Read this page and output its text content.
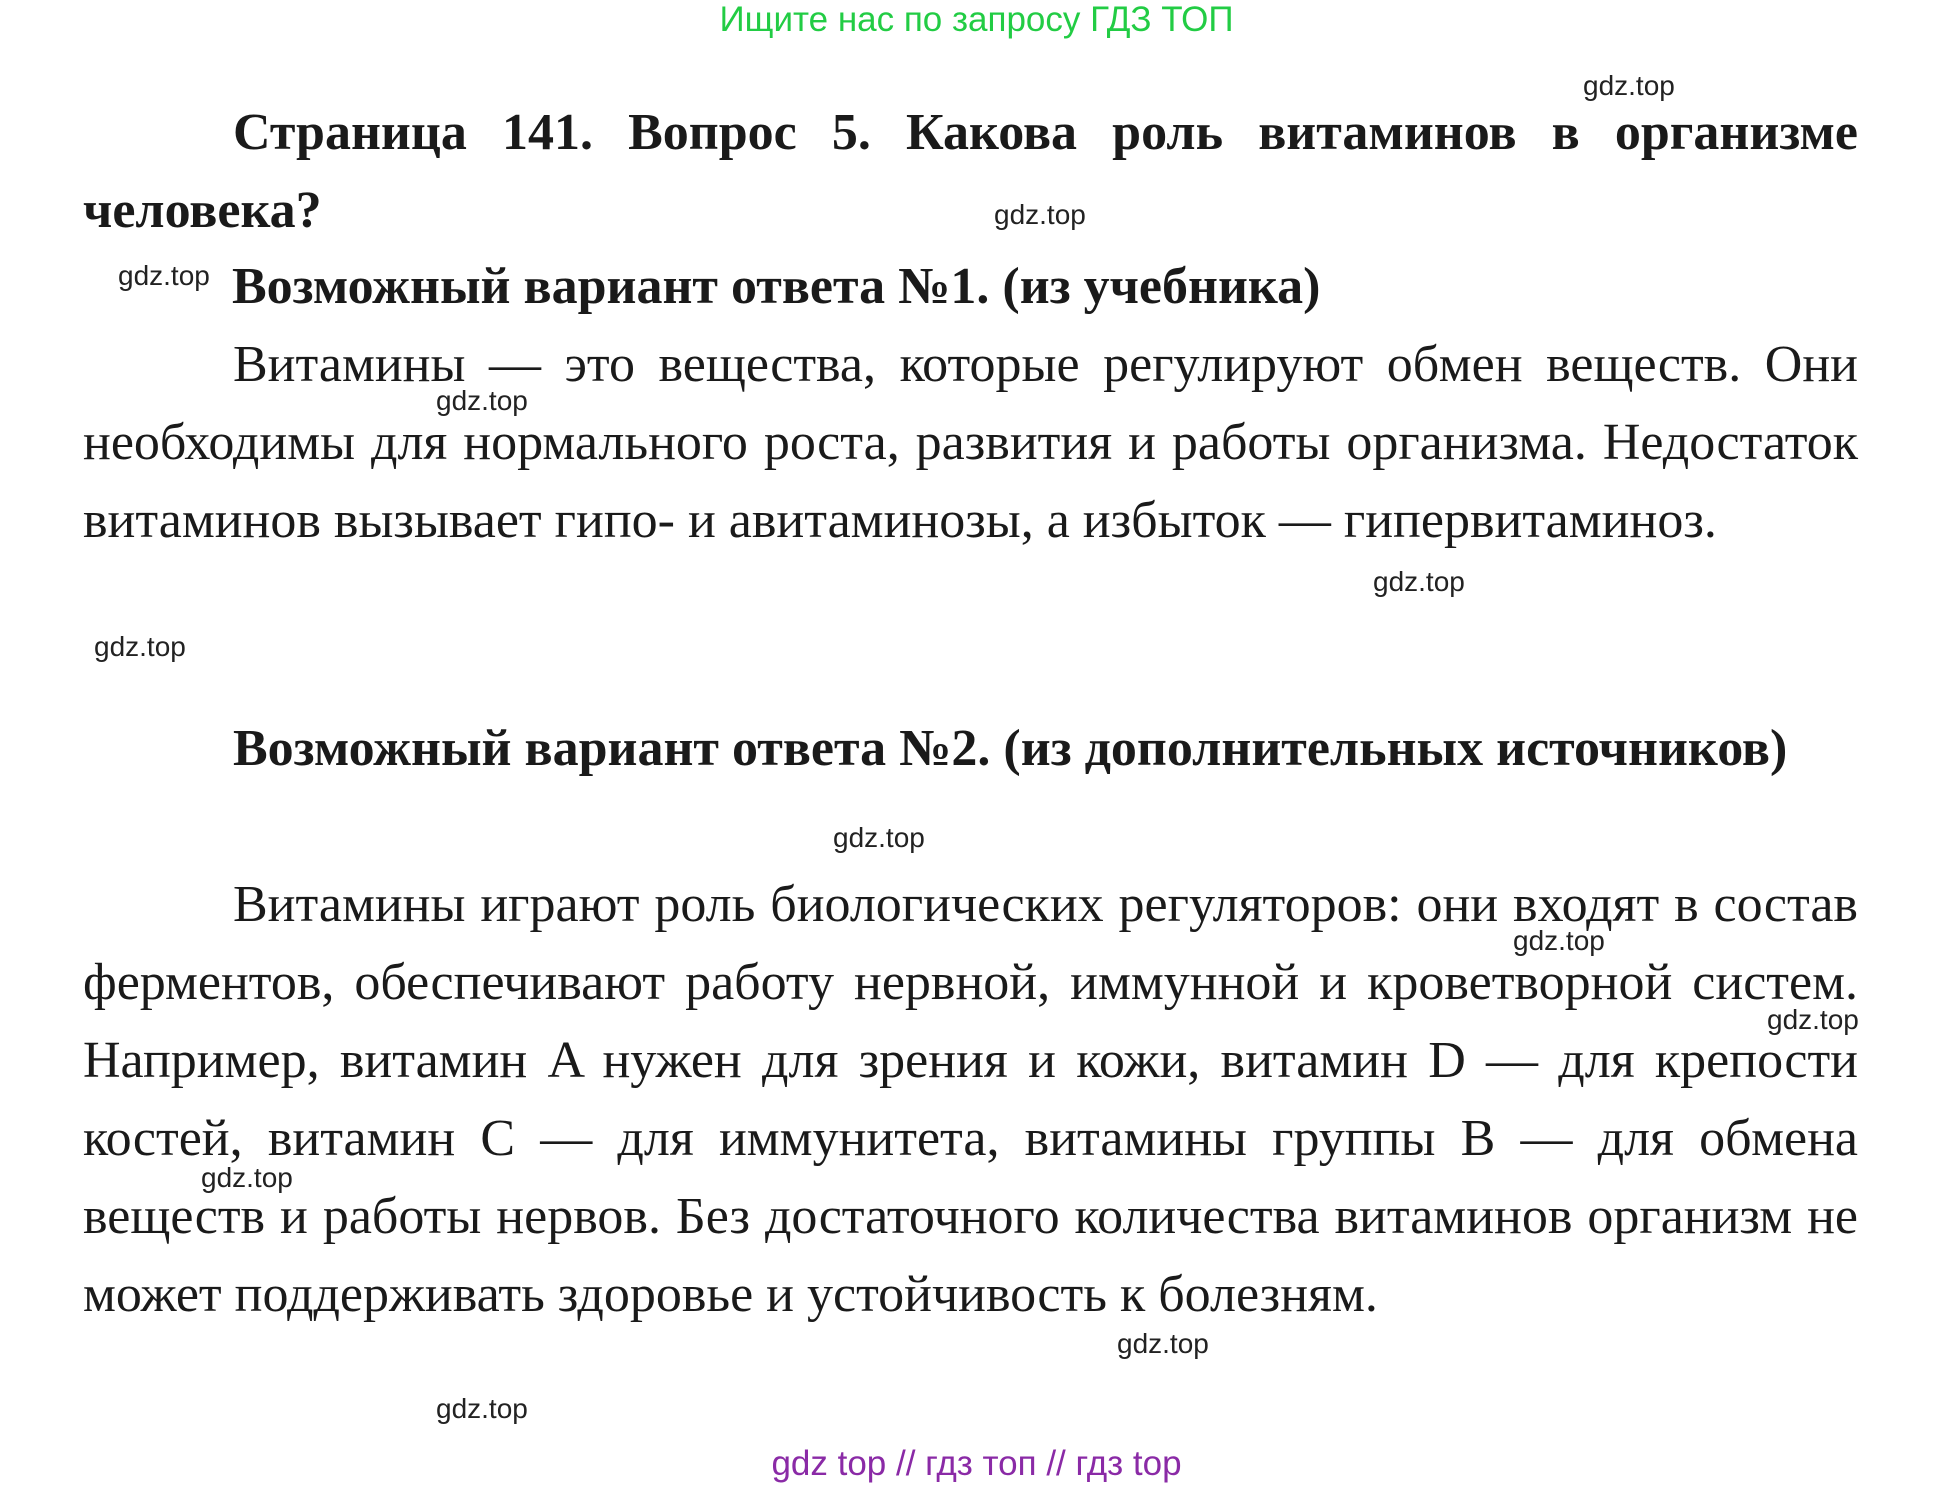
Ищите нас по запросу ГДЗ ТОП

Страница 141. Вопрос 5. Какова роль витаминов в организме человека?

Возможный вариант ответа №1. (из учебника)

Витамины — это вещества, которые регулируют обмен веществ. Они необходимы для нормального роста, развития и работы организма. Недостаток витаминов вызывает гипо- и авитаминозы, а избыток — гипервитаминоз.

Возможный вариант ответа №2. (из дополнительных источников)

Витамины играют роль биологических регуляторов: они входят в состав ферментов, обеспечивают работу нервной, иммунной и кроветворной систем. Например, витамин A нужен для зрения и кожи, витамин D — для крепости костей, витамин C — для иммунитета, витамины группы B — для обмена веществ и работы нервов. Без достаточного количества витаминов организм не может поддерживать здоровье и устойчивость к болезням.

gdz.top
gdz.top
gdz.top
gdz.top
gdz.top
gdz.top
gdz.top
gdz.top
gdz.top
gdz.top
gdz.top
gdz.top
gdz top // гдз топ // гдз top
